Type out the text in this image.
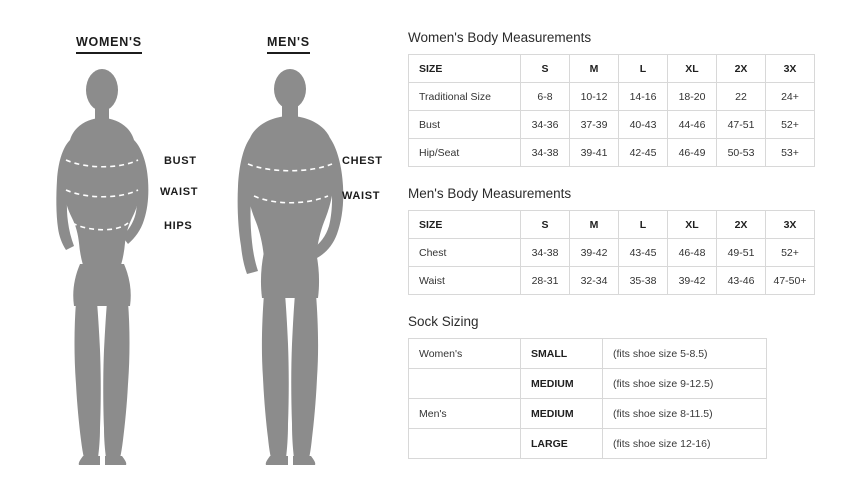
WOMEN'S	MEN'S
BUST
WAIST
HIPS
CHEST
WAIST
Women's Body Measurements
SIZE	S	M	L	XL	2X	3X
Traditional Size	6-8	10-12	14-16	18-20	22	24+
Bust	34-36	37-39	40-43	44-46	47-51	52+
Hip/Seat	34-38	39-41	42-45	46-49	50-53	53+
Men's Body Measurements
SIZE	S	M	L	XL	2X	3X
Chest	34-38	39-42	43-45	46-48	49-51	52+
Waist	28-31	32-34	35-38	39-42	43-46	47-50+
Sock Sizing
Women's	SMALL	(fits shoe size 5-8.5)
	MEDIUM	(fits shoe size 9-12.5)
Men's	MEDIUM	(fits shoe size 8-11.5)
	LARGE	(fits shoe size 12-16)
